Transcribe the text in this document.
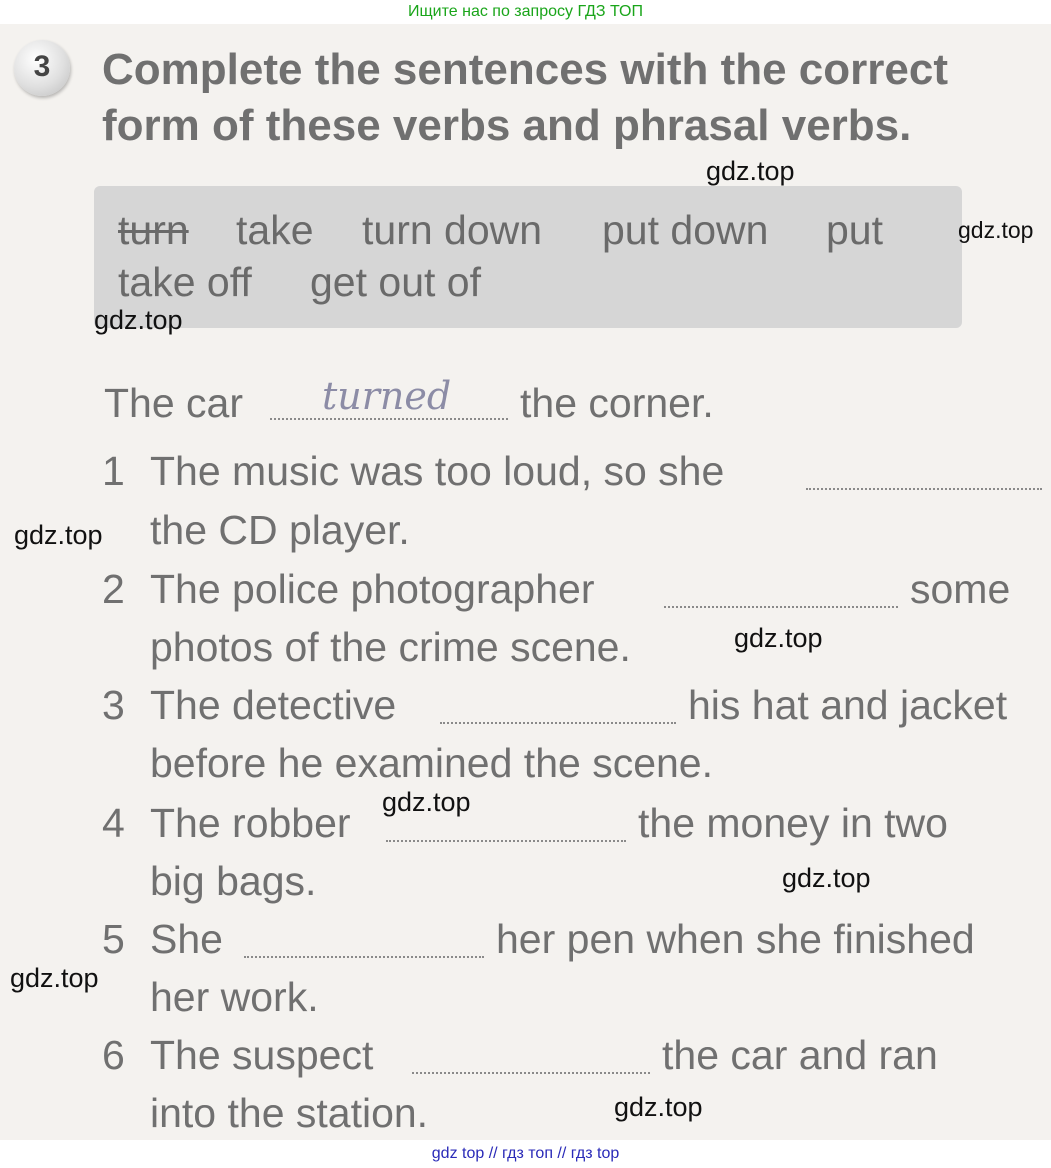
Ищите нас по запросу ГДЗ ТОП
3	Complete the sentences with the correct
form of these verbs and phrasal verbs.
turn take turn down put down put
take off get out of
The car turned the corner.
1 The music was too loud, so she
the CD player.
2 The police photographer	some
photos of the crime scene.
3 The detective	his hat and jacket
before he examined the scene.
4 The robber	the money in two
big bags.
5 She	her pen when she finished
her work.
6 The suspect	the car and ran
into the station.
gdz.top
gdz.top
gdz.top
gdz.top
gdz.top
gdz.top
gdz.top
gdz.top
gdz.top
gdz top // гдз топ // гдз top
